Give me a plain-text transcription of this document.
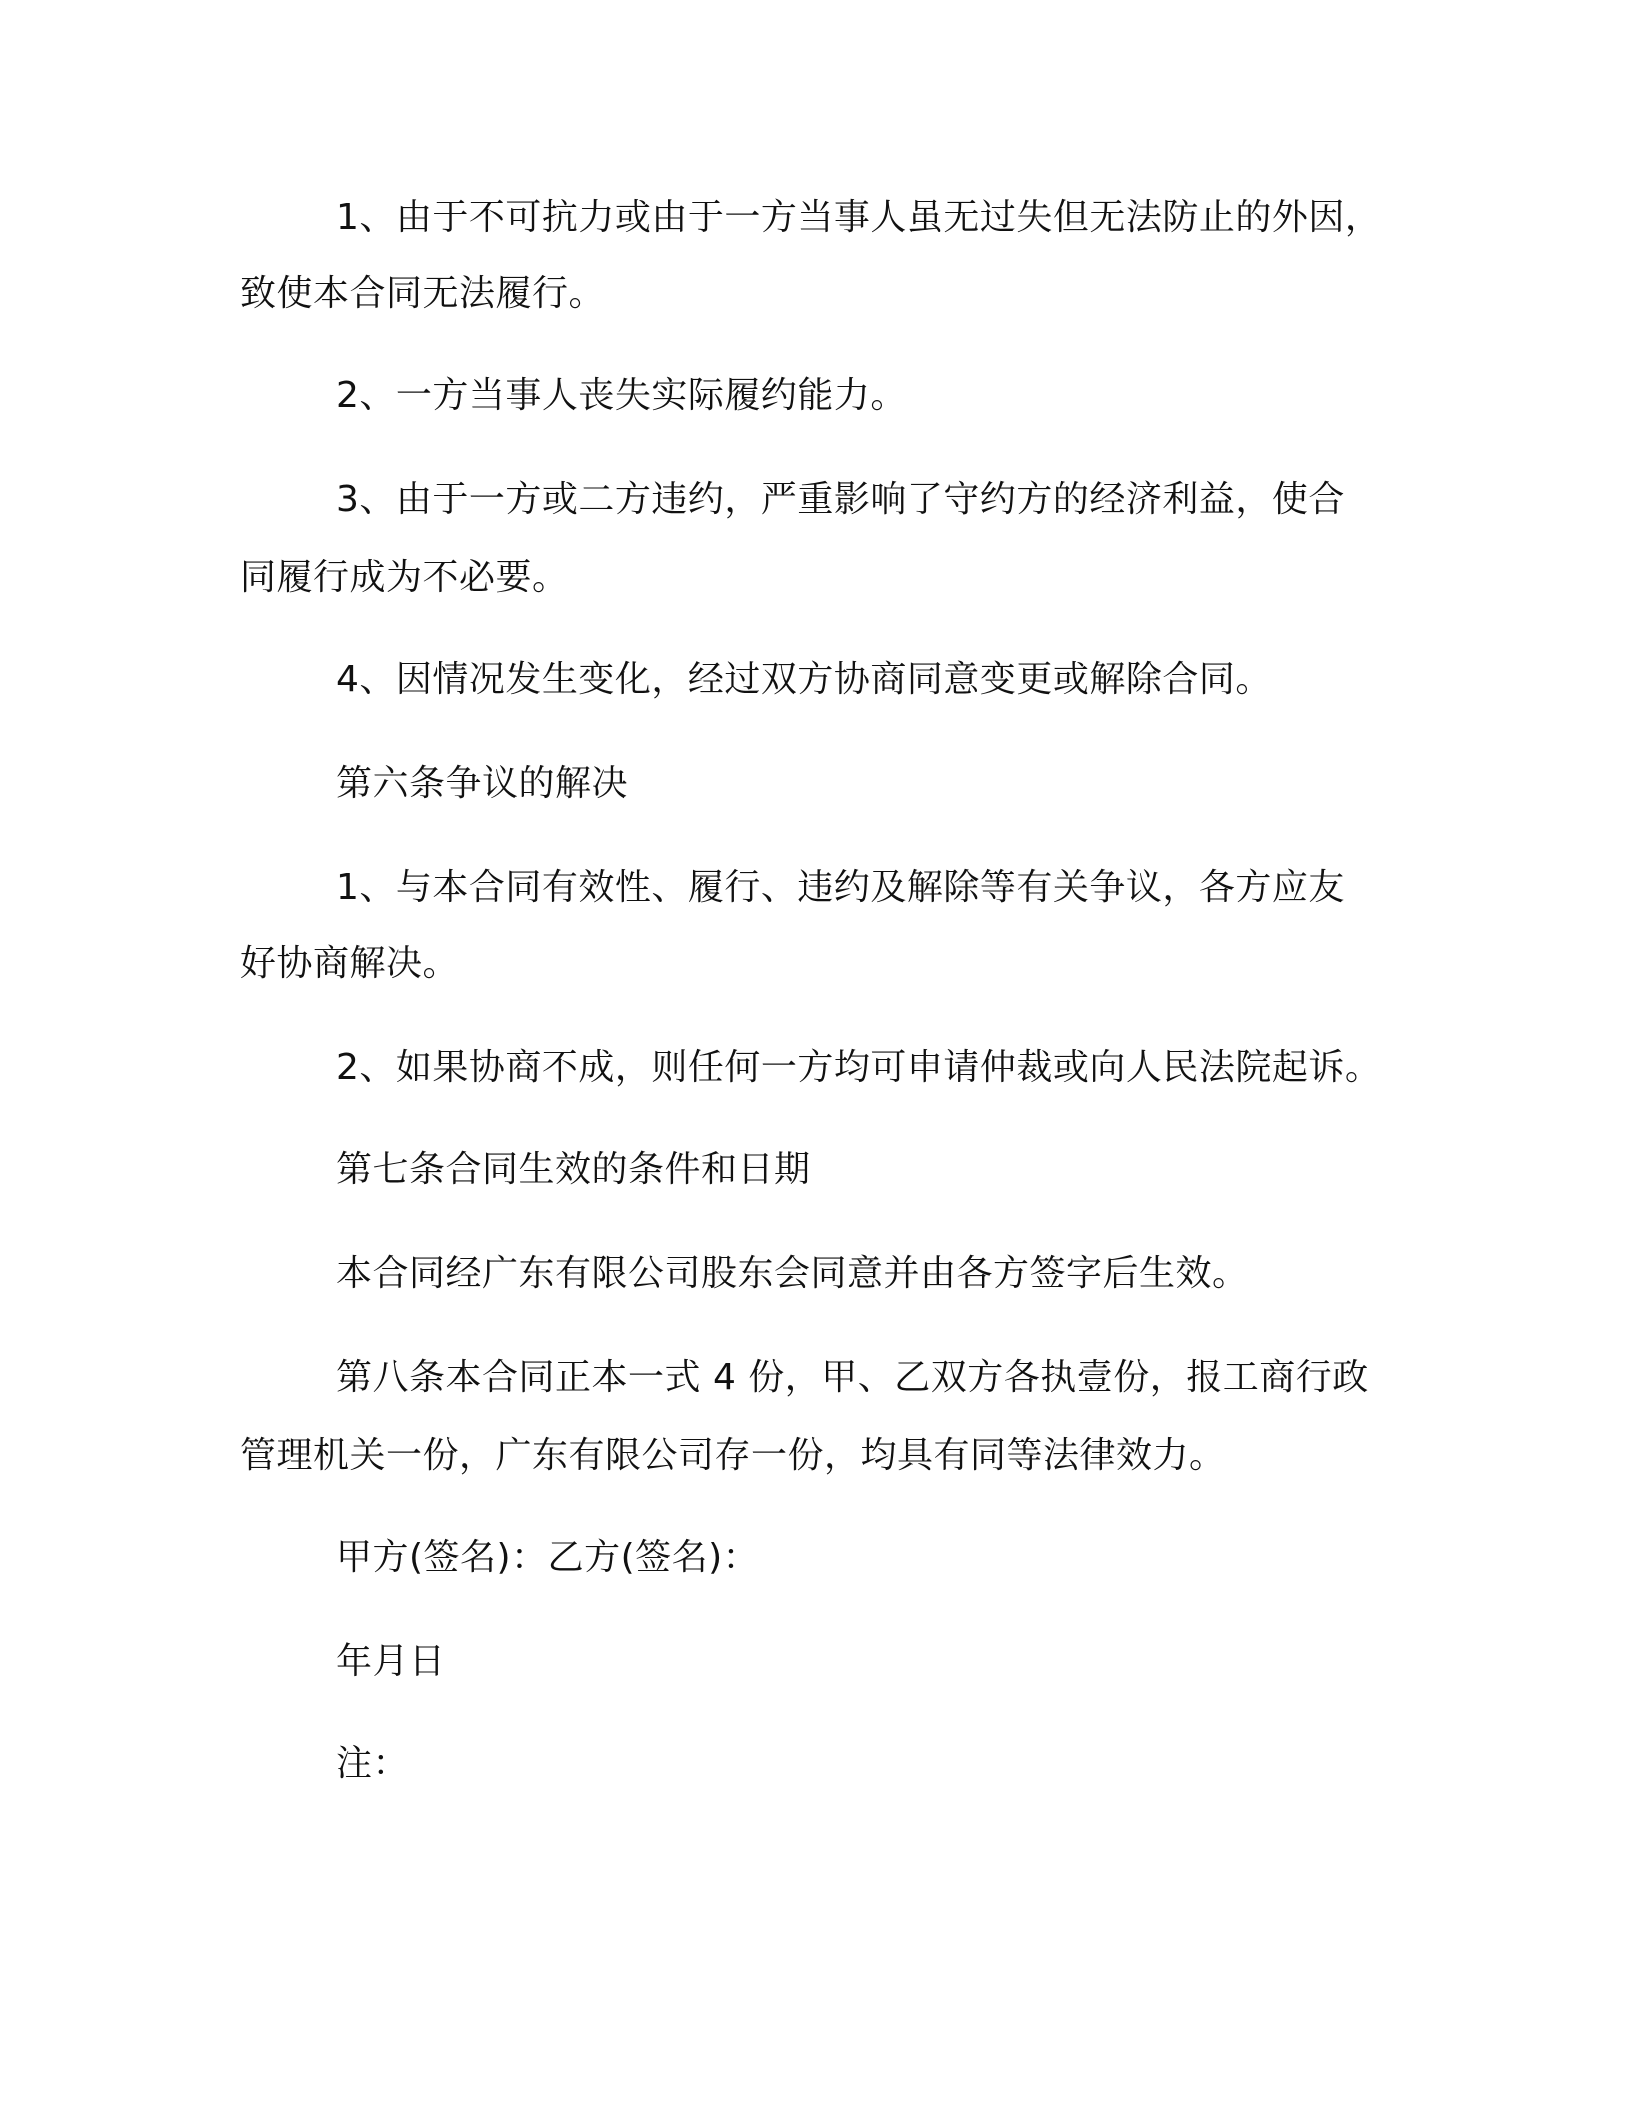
1、由于不可抗力或由于一方当事人虽无过失但无法防止的外因，
致使本合同无法履行。
2、一方当事人丧失实际履约能力。
3、由于一方或二方违约，严重影响了守约方的经济利益，使合
同履行成为不必要。
4、因情况发生变化，经过双方协商同意变更或解除合同。
第六条争议的解决
1、与本合同有效性、履行、违约及解除等有关争议，各方应友
好协商解决。
2、如果协商不成，则任何一方均可申请仲裁或向人民法院起诉。
第七条合同生效的条件和日期
本合同经广东有限公司股东会同意并由各方签字后生效。
第八条本合同正本一式 4 份，甲、乙双方各执壹份，报工商行政
管理机关一份，广东有限公司存一份，均具有同等法律效力。
甲方(签名)：乙方(签名)：
年月日
注：
